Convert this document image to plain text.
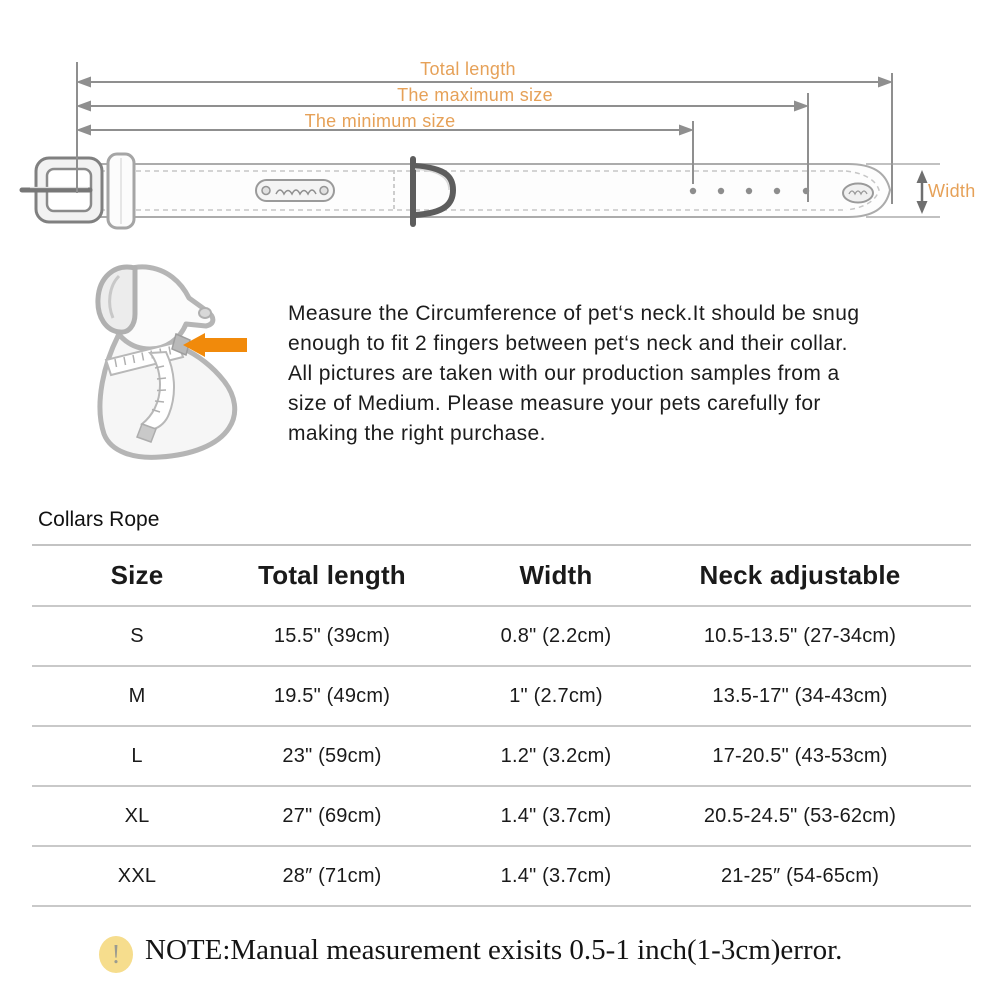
Total length
The maximum size
The minimum size
Width
Measure the Circumference of pet‘s neck.It should be snug
enough to fit 2 fingers between pet‘s neck and their collar.
All pictures are taken with our production samples from a
size of Medium. Please measure your pets carefully for
making the right purchase.
Collars Rope
Size	Total length	Width	Neck adjustable
S	15.5" (39cm)	0.8" (2.2cm)	10.5-13.5" (27-34cm)
M	19.5" (49cm)	1" (2.7cm)	13.5-17" (34-43cm)
L	23" (59cm)	1.2" (3.2cm)	17-20.5" (43-53cm)
XL	27" (69cm)	1.4" (3.7cm)	20.5-24.5" (53-62cm)
XXL	28″ (71cm)	1.4" (3.7cm)	21-25″ (54-65cm)
! NOTE:Manual measurement exisits 0.5-1 inch(1-3cm)error.
